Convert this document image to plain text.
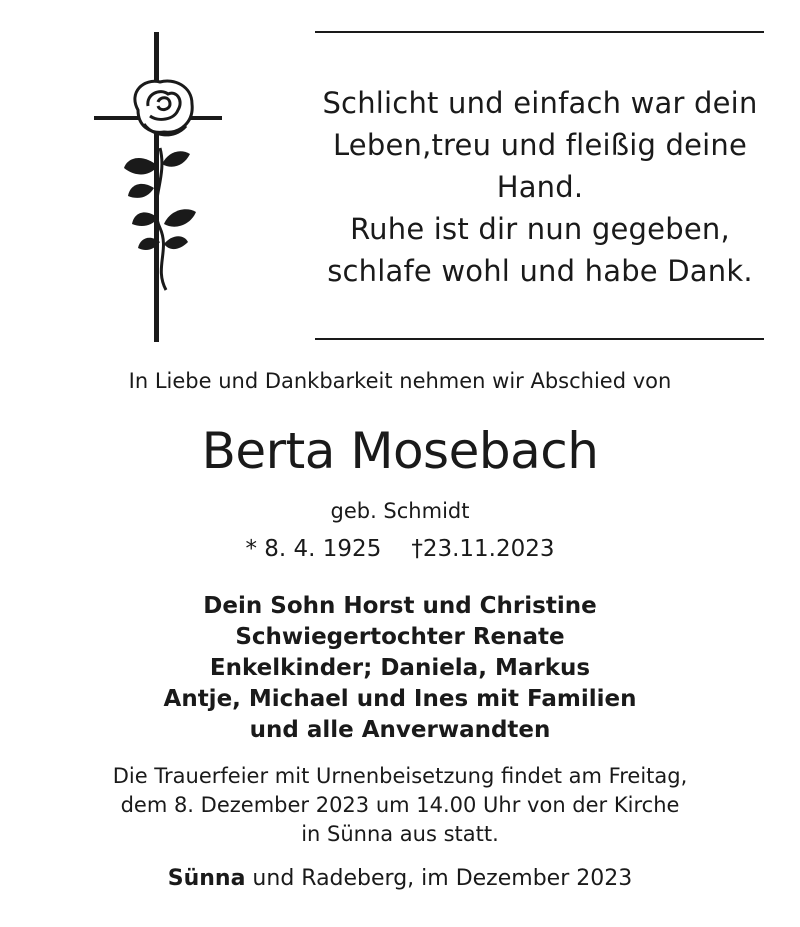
Schlicht und einfach war dein
Leben,treu und fleißig deine
Hand.
Ruhe ist dir nun gegeben,
schlafe wohl und habe Dank.
In Liebe und Dankbarkeit nehmen wir Abschied von
Berta Mosebach
geb. Schmidt
* 8. 4. 1925 †23.11.2023
Dein Sohn Horst und Christine
Schwiegertochter Renate
Enkelkinder; Daniela, Markus
Antje, Michael und Ines mit Familien
und alle Anverwandten
Die Trauerfeier mit Urnenbeisetzung findet am Freitag,
dem 8. Dezember 2023 um 14.00 Uhr von der Kirche
in Sünna aus statt.
Sünna und Radeberg, im Dezember 2023
